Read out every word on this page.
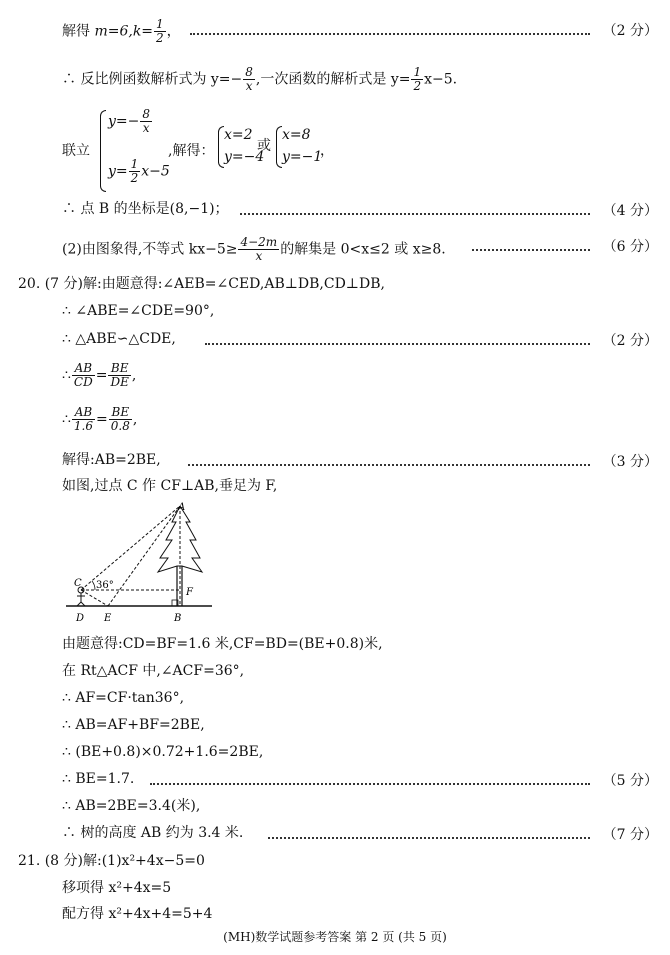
解得 $m=6,k= \frac{1}{2}$ ，	（2 分）
∴ 反比例函数解析式为 $y=- \frac{8}{x}$ ,一次函数的解析式是 $y= \frac{1}{2} x-5$.
联立
$y=- \frac{8}{x}$
$y= \frac{1}{2} x-5$
,解得：
x=2
y=−4
或
x=8
y=−1
，
∴ 点 B 的坐标是(8,−1)；	（4 分）
(2)由图象得,不等式 $kx-5\ge \frac{4-2m}{x}$ 的解集是 0<x≤2 或 x≥8.	（6 分）
20. (7 分)解:由题意得:∠AEB=∠CED,AB⊥DB,CD⊥DB,
∴ ∠ABE=∠CDE=90°,
∴ △ABE∽△CDE,	（2 分）
∴ $\frac{AB}{CD} = \frac{BE}{DE}$ ,
∴ $\frac{AB}{1.6} = \frac{BE}{0.8}$ ,
解得:AB=2BE,	（3 分）
如图,过点 C 作 CF⊥AB,垂足为 F,
A
C 36°
F
D E	B
由题意得:CD=BF=1.6 米,CF=BD=(BE+0.8)米,
在 Rt△ACF 中,∠ACF=36°,
∴ AF=CF·tan36°,
∴ AB=AF+BF=2BE,
∴ (BE+0.8)×0.72+1.6=2BE,
∴ BE=1.7.	（5 分）
∴ AB=2BE=3.4(米),
∴ 树的高度 AB 约为 3.4 米.	（7 分）
21. (8 分)解:(1)x²+4x−5=0
移项得 x²+4x=5
配方得 x²+4x+4=5+4
(MH)数学试题参考答案 第 2 页 (共 5 页)
